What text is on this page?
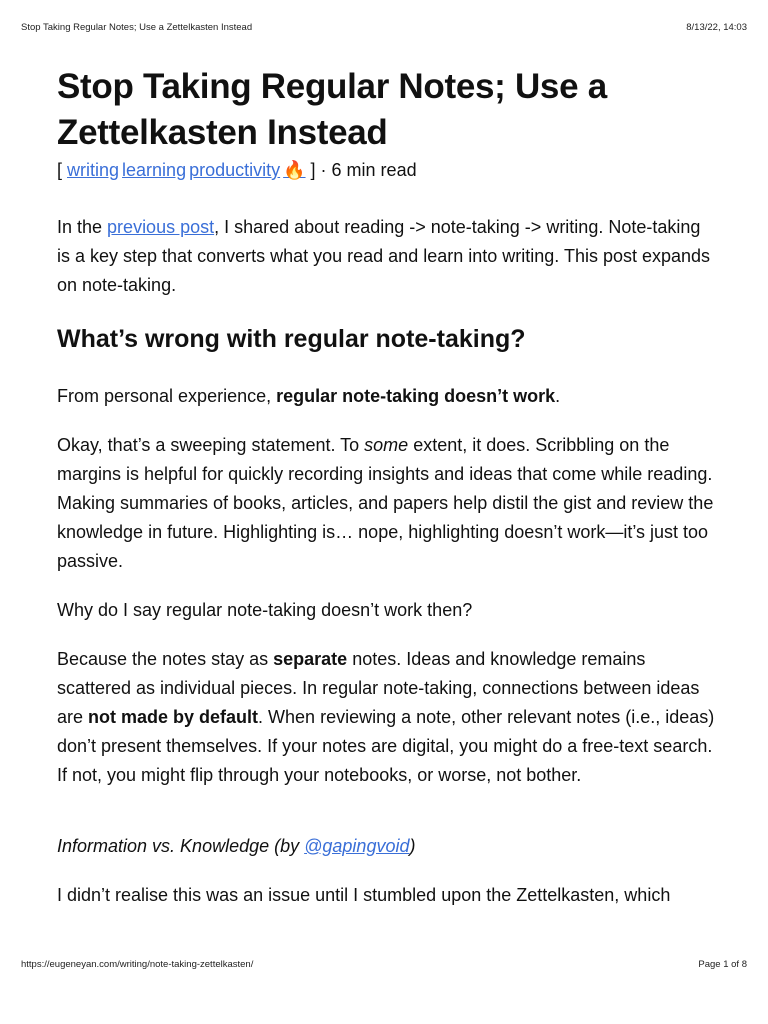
Stop Taking Regular Notes; Use a Zettelkasten Instead	8/13/22, 14:03
Stop Taking Regular Notes; Use a Zettelkasten Instead
[ writing learning productivity 🔥 ] · 6 min read

In the previous post, I shared about reading -> note-taking -> writing. Note-taking is a key step that converts what you read and learn into writing. This post expands on note-taking.

What’s wrong with regular note-taking?

From personal experience, regular note-taking doesn’t work.

Okay, that’s a sweeping statement. To some extent, it does. Scribbling on the margins is helpful for quickly recording insights and ideas that come while reading. Making summaries of books, articles, and papers help distil the gist and review the knowledge in future. Highlighting is… nope, highlighting doesn’t work—it’s just too passive.

Why do I say regular note-taking doesn’t work then?

Because the notes stay as separate notes. Ideas and knowledge remains scattered as individual pieces. In regular note-taking, connections between ideas are not made by default. When reviewing a note, other relevant notes (i.e., ideas) don’t present themselves. If your notes are digital, you might do a free-text search. If not, you might flip through your notebooks, or worse, not bother.

Information vs. Knowledge (by @gapingvoid)

I didn’t realise this was an issue until I stumbled upon the Zettelkasten, which

https://eugeneyan.com/writing/note-taking-zettelkasten/	Page 1 of 8
